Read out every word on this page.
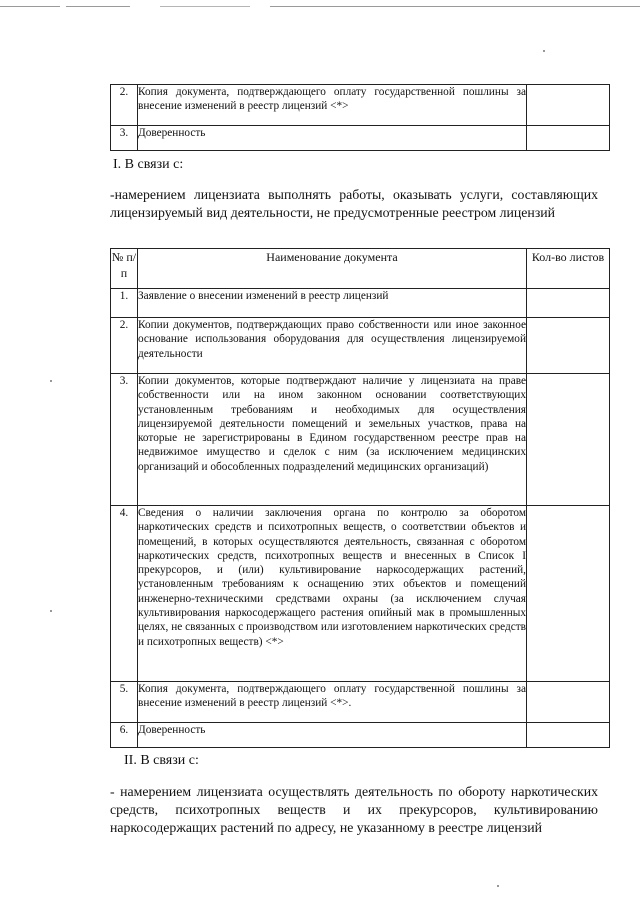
2.	Копия документа, подтверждающего оплату государственной пошлины за внесение изменений в реестр лицензий <*>	
3.	Доверенность	
I. В связи с:
-намерением лицензиата выполнять работы, оказывать услуги, составляющих лицензируемый вид деятельности, не предусмотренные реестром лицензий
№ п/п	Наименование документа	Кол-во листов
1.	Заявление о внесении изменений в реестр лицензий	
2.	Копии документов, подтверждающих право собственности или иное законное основание использования оборудования для осуществления лицензируемой деятельности	
3.	Копии документов, которые подтверждают наличие у лицензиата на праве собственности или на ином законном основании соответствующих установленным требованиям и необходимых для осуществления лицензируемой деятельности помещений и земельных участков, права на которые не зарегистрированы в Едином государственном реестре прав на недвижимое имущество и сделок с ним (за исключением медицинских организаций и обособленных подразделений медицинских организаций)	
4.	Сведения о наличии заключения органа по контролю за оборотом наркотических средств и психотропных веществ, о соответствии объектов и помещений, в которых осуществляются деятельность, связанная с оборотом наркотических средств, психотропных веществ и внесенных в Список I прекурсоров, и (или) культивирование наркосодержащих растений, установленным требованиям к оснащению этих объектов и помещений инженерно-техническими средствами охраны (за исключением случая культивирования наркосодержащего растения опийный мак в промышленных целях, не связанных с производством или изготовлением наркотических средств и психотропных веществ) <*>	
5.	Копия документа, подтверждающего оплату государственной пошлины за внесение изменений в реестр лицензий <*>.	
6.	Доверенность	
II. В связи с:
- намерением лицензиата осуществлять деятельность по обороту наркотических средств, психотропных веществ и их прекурсоров, культивированию наркосодержащих растений по адресу, не указанному в реестре лицензий
